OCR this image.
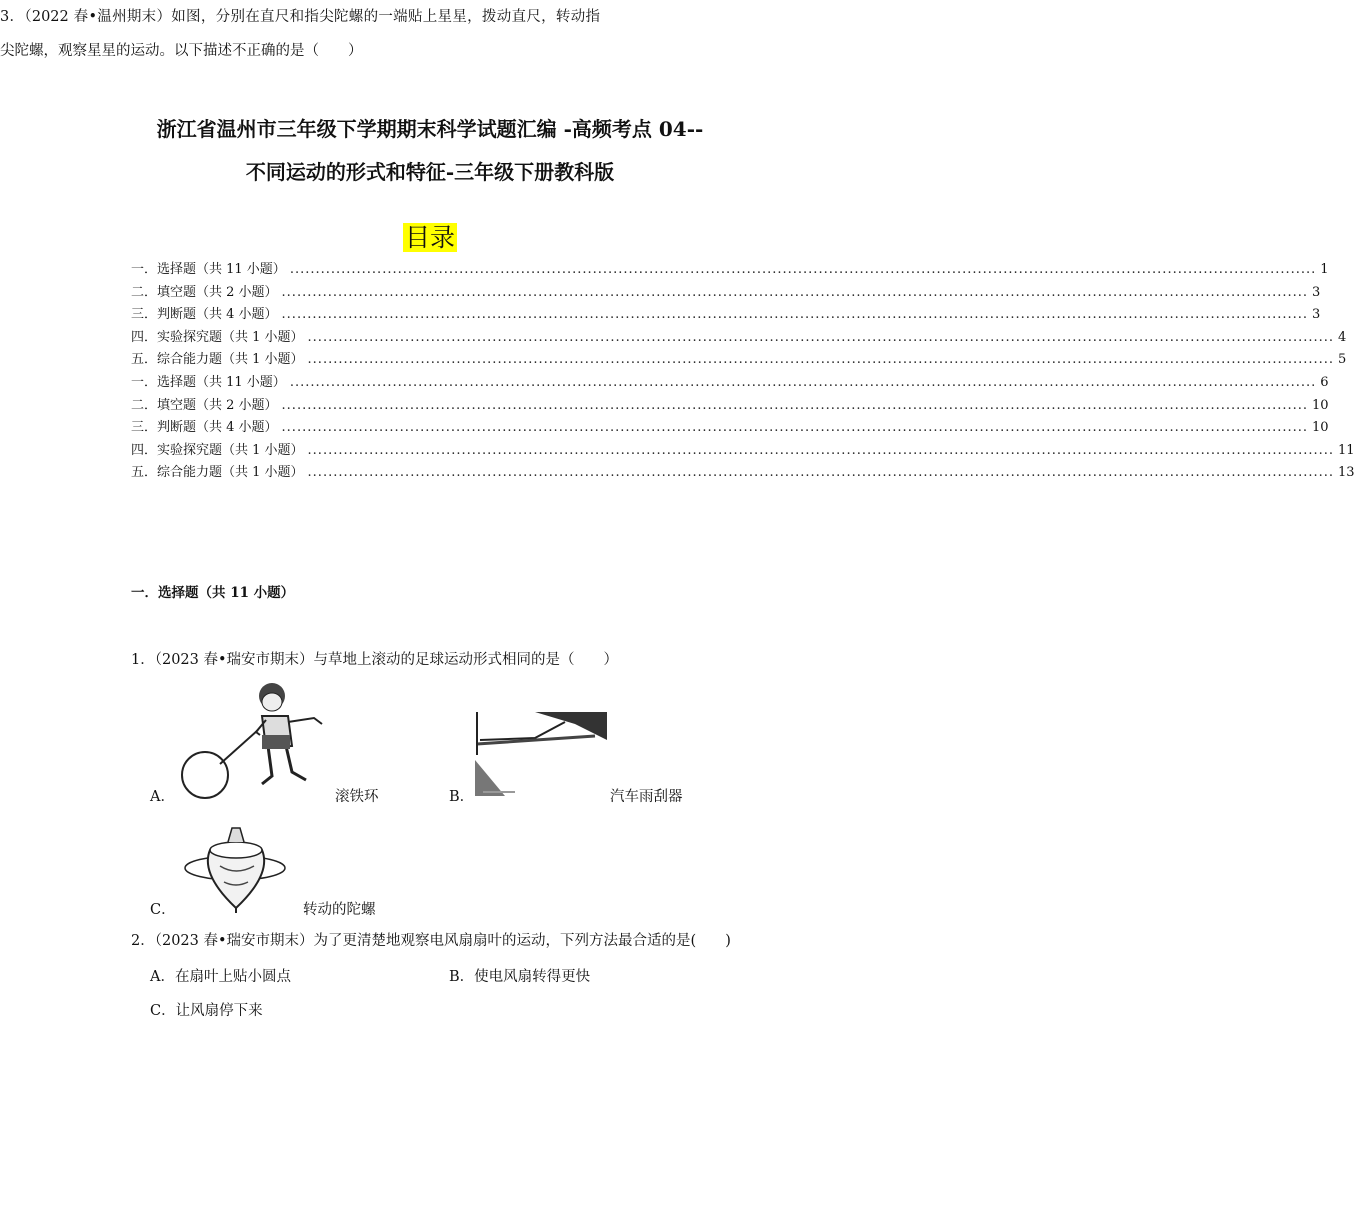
浙江省温州市三年级下学期期末科学试题汇编 -高频考点 04--
不同运动的形式和特征-三年级下册教科版
目录
一．选择题（共 11 小题） ........................................................................................................................................................................................................ 1
二．填空题（共 2 小题） ........................................................................................................................................................................................................ 3
三．判断题（共 4 小题） ........................................................................................................................................................................................................ 3
四．实验探究题（共 1 小题） ........................................................................................................................................................................................................ 4
五．综合能力题（共 1 小题） ........................................................................................................................................................................................................ 5
一．选择题（共 11 小题） ........................................................................................................................................................................................................ 6
二．填空题（共 2 小题） ........................................................................................................................................................................................................ 10
三．判断题（共 4 小题） ........................................................................................................................................................................................................ 10
四．实验探究题（共 1 小题） ........................................................................................................................................................................................................ 11
五．综合能力题（共 1 小题） ........................................................................................................................................................................................................ 13
一．选择题（共 11 小题）
1．（2023 春•瑞安市期末）与草地上滚动的足球运动形式相同的是（　　）
A．	滚铁环	B．	汽车雨刮器
C．	转动的陀螺
2．（2023 春•瑞安市期末）为了更清楚地观察电风扇扇叶的运动，下列方法最合适的是(　　)
A．在扇叶上贴小圆点	B．使电风扇转得更快
C．让风扇停下来
3．（2022 春•温州期末）如图，分别在直尺和指尖陀螺的一端贴上星星，拨动直尺，转动指尖陀螺，观察星星的运动。以下描述不正确的是（　　）
